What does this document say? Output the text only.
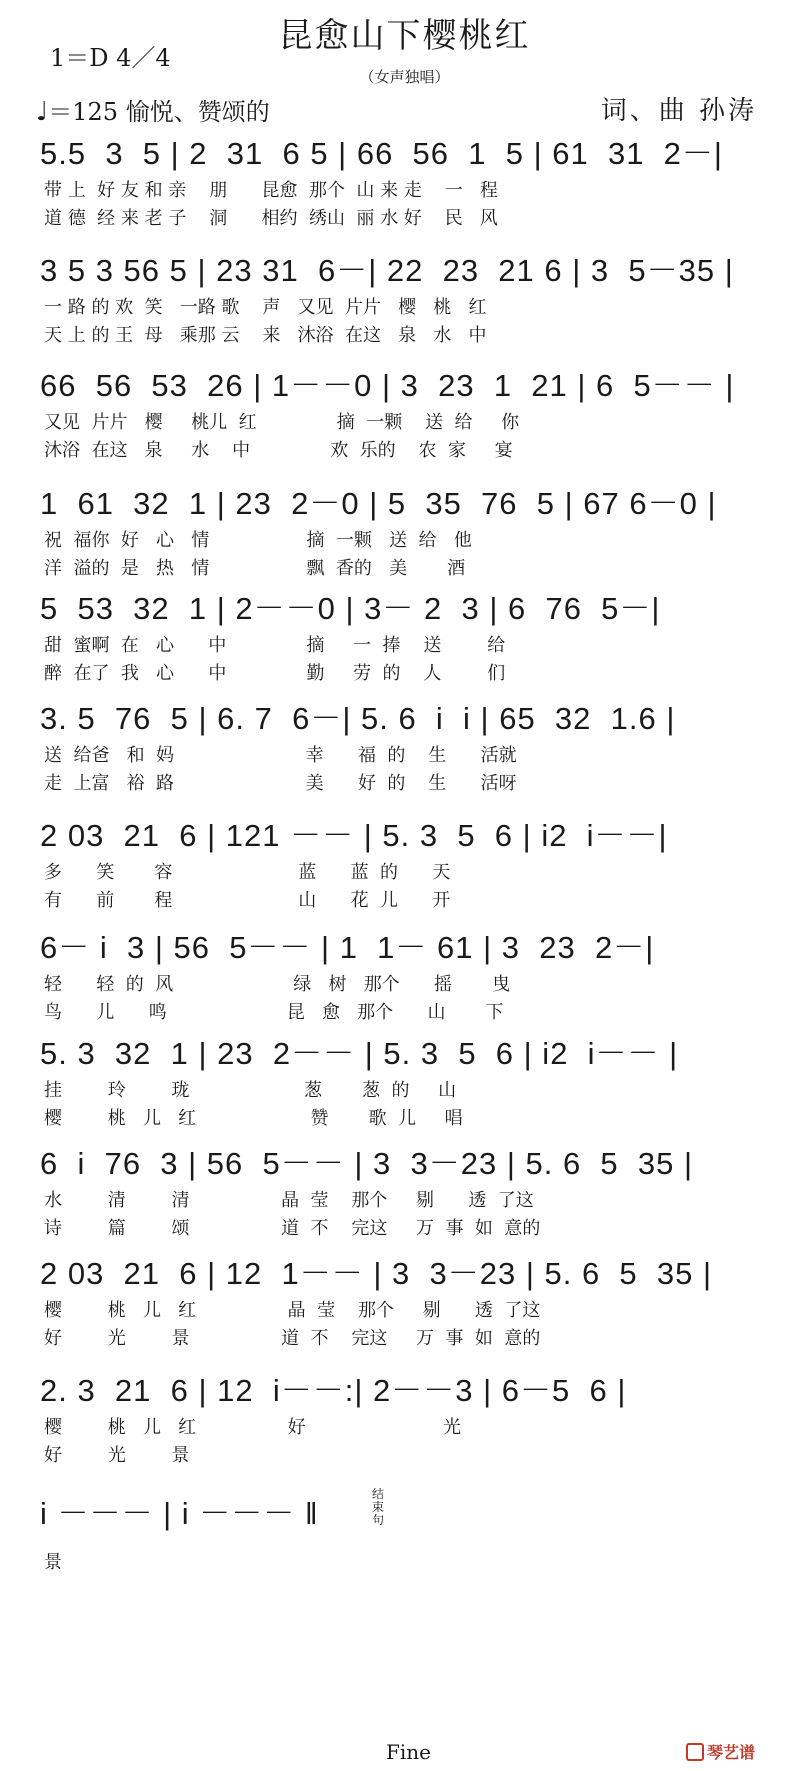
昆愈山下樱桃红
（女声独唱）
1＝D 4／4
♩＝125 愉悦、赞颂的	词、曲 孙涛
5.5  3  5 | 2  31  6 5 | 66  56  1  5 | 61  31  2－|
带 上  好 友 和 亲    朋      昆愈  那个  山 来 走    一   程
道 德  经 来 老 子    洞      相约  绣山  丽 水 好    民   风
3 5 3 56 5 | 23 31  6－| 22  23  21 6 | 3  5－35 |
一 路 的 欢  笑   一路 歌    声   又见  片片   樱   桃   红
天 上 的 王  母   乘那 云    来   沐浴  在这   泉   水   中
66  56  53  26 | 1－－0 | 3  23  1  21 | 6  5－－ |
又见  片片   樱     桃儿  红              摘  一颗    送  给     你
沐浴  在这   泉     水    中              欢  乐的    农  家     宴
1  61  32  1 | 23  2－0 | 5  35  76  5 | 67 6－0 |
祝  福你  好   心   情                 摘  一颗   送  给   他
洋  溢的  是   热   情                 飘  香的   美       酒
5  53  32  1 | 2－－0 | 3－ 2  3 | 6  76  5－|
甜  蜜啊  在   心      中              摘     一  捧    送        给
醉  在了  我   心      中              勤     劳  的    人        们
3. 5  76  5 | 6. 7  6－| 5. 6  i  i | 65  32  1.6 |
送  给爸   和  妈                       幸      福  的    生      活就
走  上富   裕  路                       美      好  的    生      活呀
2 03  21  6 | 121 －－ | 5. 3  5  6 | i2  i－－|
多      笑       容                      蓝      蓝  的      天
有      前       程                      山      花  儿      开
6－ i  3 | 56  5－－ | 1  1－ 61 | 3  23  2－|
轻      轻  的  风                     绿   树   那个      摇       曳
鸟      儿      鸣                     昆   愈   那个      山       下
5. 3  32  1 | 23  2－－ | 5. 3  5  6 | i2  i－－ |
挂        玲        珑                    葱       葱  的     山
樱        桃   儿   红                    赞       歌  儿     唱
6  i  76  3 | 56  5－－ | 3  3－23 | 5. 6  5  35 |
水        清        清                晶  莹    那个     剔      透  了这
诗        篇        颂                道  不    完这     万  事  如  意的
2 03  21  6 | 12  1－－ | 3  3－23 | 5. 6  5  35 |
樱        桃   儿   红                晶  莹    那个     剔      透  了这
好        光        景                道  不    完这     万  事  如  意的
2. 3  21  6 | 12  i－－:| 2－－3 | 6－5  6 |
樱        桃   儿   红                好                        光
好        光        景
结束句
i －－－ | i －－－ ‖
景
Fine	琴艺谱
